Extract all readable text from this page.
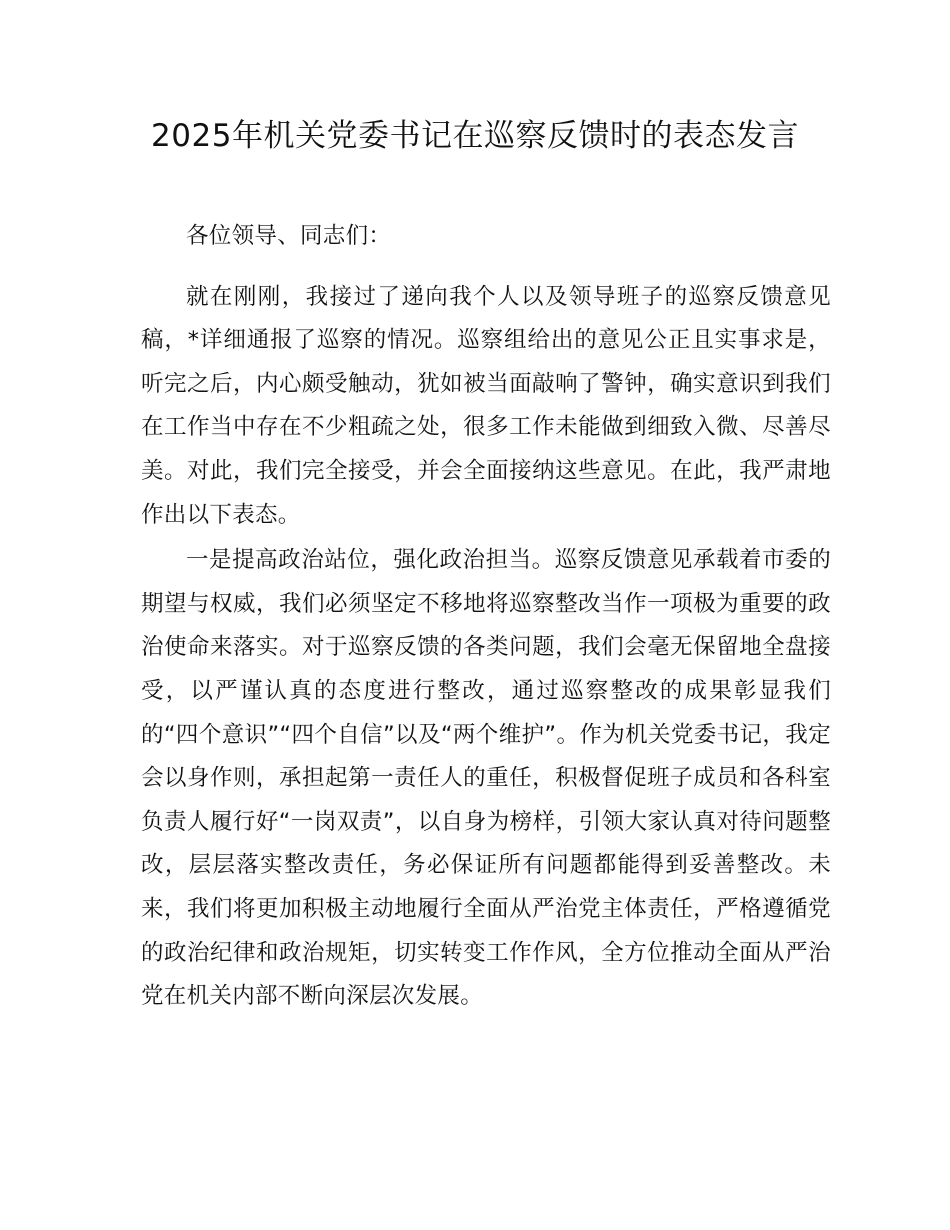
2025年机关党委书记在巡察反馈时的表态发言

各位领导、同志们：

就在刚刚，我接过了递向我个人以及领导班子的巡察反馈意见稿，*详细通报了巡察的情况。巡察组给出的意见公正且实事求是，听完之后，内心颇受触动，犹如被当面敲响了警钟，确实意识到我们在工作当中存在不少粗疏之处，很多工作未能做到细致入微、尽善尽美。对此，我们完全接受，并会全面接纳这些意见。在此，我严肃地作出以下表态。

一是提高政治站位，强化政治担当。巡察反馈意见承载着市委的期望与权威，我们必须坚定不移地将巡察整改当作一项极为重要的政治使命来落实。对于巡察反馈的各类问题，我们会毫无保留地全盘接受，以严谨认真的态度进行整改，通过巡察整改的成果彰显我们的“四个意识”“四个自信”以及“两个维护”。作为机关党委书记，我定会以身作则，承担起第一责任人的重任，积极督促班子成员和各科室负责人履行好“一岗双责”，以自身为榜样，引领大家认真对待问题整改，层层落实整改责任，务必保证所有问题都能得到妥善整改。未来，我们将更加积极主动地履行全面从严治党主体责任，严格遵循党的政治纪律和政治规矩，切实转变工作作风，全方位推动全面从严治党在机关内部不断向深层次发展。
